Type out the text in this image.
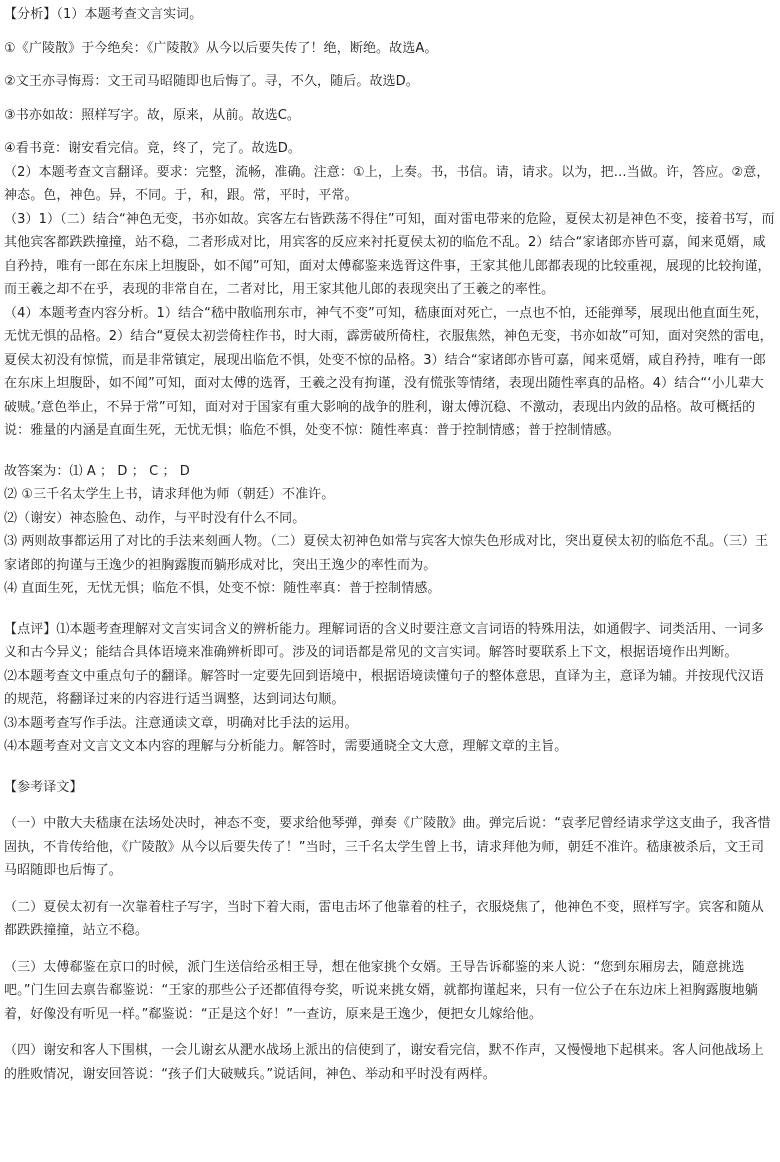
【分析】（1）本题考查文言实词。

①《广陵散》于今绝矣：《广陵散》从今以后要失传了！绝，断绝。故选A。

②文王亦寻悔焉：文王司马昭随即也后悔了。寻，不久，随后。故选D。

③书亦如故：照样写字。故，原来，从前。故选C。

④看书竟：谢安看完信。竟，终了，完了。故选D。

（2）本题考查文言翻译。要求：完整，流畅，准确。注意：①上，上奏。书，书信。请，请求。以为，把…当做。许，答应。②意，神态。色，神色。异，不同。于，和，跟。常，平时，平常。

（3）1）（二）结合“神色无变，书亦如故。宾客左右皆跌荡不得住”可知，面对雷电带来的危险，夏侯太初是神色不变，接着书写，而其他宾客都跌跌撞撞，站不稳，二者形成对比，用宾客的反应来衬托夏侯太初的临危不乱。2）结合“家诸郎亦皆可嘉，闻来觅婿，咸自矜持，唯有一郎在东床上坦腹卧，如不闻”可知，面对太傅郗鉴来选胥这件事，王家其他儿郎都表现的比较重视，展现的比较拘谨，而王羲之却不在乎，表现的非常自在，二者对比，用王家其他儿郎的表现突出了王羲之的率性。

（4）本题考查内容分析。1）结合“嵇中散临刑东市，神气不变”可知，嵇康面对死亡，一点也不怕，还能弹琴，展现出他直面生死，无忧无惧的品格。2）结合“夏侯太初尝倚柱作书，时大雨，霹雳破所倚柱，衣服焦然，神色无变，书亦如故”可知，面对突然的雷电，夏侯太初没有惊慌，而是非常镇定，展现出临危不惧，处变不惊的品格。3）结合“家诸郎亦皆可嘉，闻来觅婿，咸自矜持，唯有一郎在东床上坦腹卧，如不闻”可知，面对太傅的选胥，王羲之没有拘谨，没有慌张等情绪，表现出随性率真的品格。4）结合“‘小儿辈大破贼。’意色举止，不异于常”可知，面对对于国家有重大影响的战争的胜利，谢太傅沉稳、不激动，表现出内敛的品格。故可概括的说：雅量的内涵是直面生死，无忧无惧；临危不惧，处变不惊：随性率真：普于控制情感；普于控制情感。

故答案为：⑴ A ； D ； C ； D

⑵ ①三千名太学生上书，请求拜他为师（朝廷）不准许。

⑵（谢安）神态脸色、动作，与平时没有什么不同。

⑶ 两则故事都运用了对比的手法来刻画人物。（二）夏侯太初神色如常与宾客大惊失色形成对比，突出夏侯太初的临危不乱。（三）王家诸郎的拘谨与王逸少的袒胸露腹而躺形成对比，突出王逸少的率性而为。

⑷ 直面生死，无忧无惧；临危不惧，处变不惊：随性率真：普于控制情感。

【点评】⑴本题考查理解对文言实词含义的辨析能力。理解词语的含义时要注意文言词语的特殊用法，如通假字、词类活用、一词多义和古今异义；能结合具体语境来准确辨析即可。涉及的词语都是常见的文言实词。解答时要联系上下文，根据语境作出判断。

⑵本题考查文中重点句子的翻译。解答时一定要先回到语境中，根据语境读懂句子的整体意思，直译为主，意译为辅。并按现代汉语的规范，将翻译过来的内容进行适当调整，达到词达句顺。

⑶本题考查写作手法。注意通读文章，明确对比手法的运用。

⑷本题考查对文言文文本内容的理解与分析能力。解答时，需要通晓全文大意，理解文章的主旨。

【参考译文】

（一）中散大夫嵇康在法场处决时，神态不变，要求给他琴弹，弹奏《广陵散》曲。弹完后说：“袁孝尼曾经请求学这支曲子，我吝惜固执，不肯传给他，《广陵散》从今以后要失传了！”当时，三千名太学生曾上书，请求拜他为师，朝廷不准许。嵇康被杀后，文王司马昭随即也后悔了。

（二）夏侯太初有一次靠着柱子写字，当时下着大雨，雷电击坏了他靠着的柱子，衣服烧焦了，他神色不变，照样写字。宾客和随从都跌跌撞撞，站立不稳。

（三）太傅郗鉴在京口的时候，派门生送信给丞相王导，想在他家挑个女婿。王导告诉郗鉴的来人说：“您到东厢房去，随意挑选吧。”门生回去禀告郗鉴说：“王家的那些公子还都值得夸奖，听说来挑女婿，就都拘谨起来，只有一位公子在东边床上袒胸露腹地躺着，好像没有听见一样。”郗鉴说：“正是这个好！”一查访，原来是王逸少，便把女儿嫁给他。

（四）谢安和客人下围棋，一会儿谢玄从淝水战场上派出的信使到了，谢安看完信，默不作声，又慢慢地下起棋来。客人问他战场上的胜败情况，谢安回答说：“孩子们大破贼兵。”说话间，神色、举动和平时没有两样。
